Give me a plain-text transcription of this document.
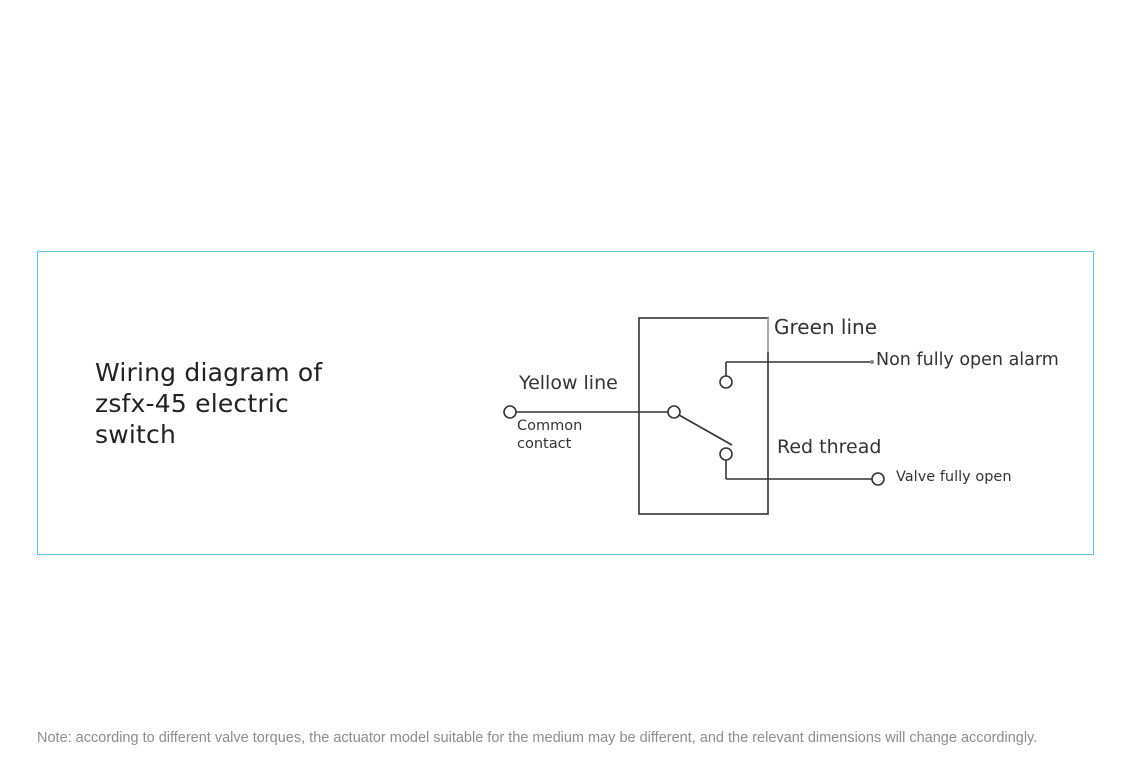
Wiring diagram of
zsfx-45 electric
switch
Green line
Non fully open alarm
Yellow line
Common
contact	Red thread
Valve fully open
Note: according to different valve torques, the actuator model suitable for the medium may be different, and the relevant dimensions will change accordingly.
